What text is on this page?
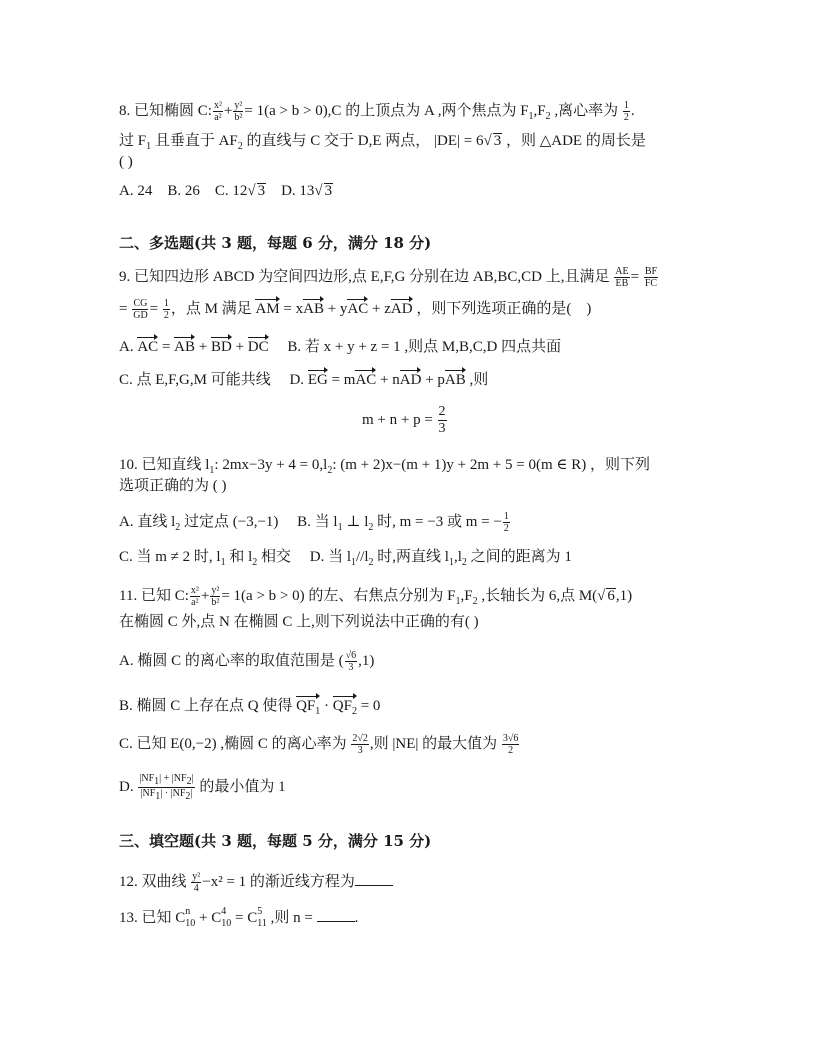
8. 已知椭圆 C: $\frac{\text{x²}}{\text{a²}} + \frac{\text{y²}}{\text{b²}} = 1(a > b > 0),C$ 的上顶点为 A ,两个焦点为 $F_1,F_2$ ,离心率为 $\frac{1}{2}$ .
过 $F_1$ 且垂直于 $AF_2$ 的直线与 C 交于 D,E 两点， |DE| = 6√ 3 ，则 △ADE 的周长是
( )
A. 24    B. 26    C. 12√ 3    D. 13√ 3
二、多选题(共 3 题，每题 6 分，满分 18 分)
9. 已知四边形 ABCD 为空间四边形,点 E,F,G 分别在边 AB,BC,CD 上,且满足 $\frac{AE}{EB} = \frac{BF}{FC}$
= $\frac{CG}{GD} = \frac{1}{2}$ ，点 M 满足 AM = xAB + yAC + zAD ，则下列选项正确的是(    )
A. AC = AB + BD + DC     B. 若 x + y + z = 1 ,则点 M,B,C,D 四点共面
C. 点 E,F,G,M 可能共线     D. EG = mAC + nAD + pAB ,则
$m + n + p = \frac{2}{3}$
10. 已知直线 $l_1$: $2mx-3y + 4 = 0,l_2$: (m + 2)x−(m + 1)y + 2m + 5 = 0(m ∈ R) ，则下列
选项正确的为 ( )
A. 直线 $l_2$ 过定点 (−3,−1)     B. 当 $l_1$ ⊥ $l_2$ 时, m = −3 或 m = − $\frac{1}{2}$
C. 当 m ≠ 2 时, $l_1$ 和 $l_2$ 相交     D. 当 $l_1//l_2$ 时,两直线 $l_1,l_2$ 之间的距离为 1
11. 已知 C: $\frac{\text{x²}}{\text{a²}} + \frac{\text{y²}}{\text{b²}} = 1(a > b > 0)$ 的左、右焦点分别为 $F_1,F_2$ ,长轴长为 6,点 M(√ 6,1)
在椭圆 C 外,点 N 在椭圆 C 上,则下列说法中正确的有( )
A. 椭圆 C 的离心率的取值范围是 ( $\frac{√6}{3} ,1$)
B. 椭圆 C 上存在点 Q 使得 $QF_1 \cdot QF_2 = 0$
C. 已知 E(0,−2) ,椭圆 C 的离心率为 $\frac{2√2}{3}$ ,则 |NE| 的最大值为 $\frac{3√6}{2}$
D. $\frac{|NF_1| + |NF_2|}{|NF_1| \cdot |NF_2|}$ 的最小值为 1
三、填空题(共 3 题，每题 5 分，满分 15 分)
12. 双曲线 $\frac{\text{y²}}{4} -x^2 = 1$ 的渐近线方程为
13. 已知 $C_{10}$
$n + C_{10}$
$4 = C_{11}$
5 ,则 n =	.
